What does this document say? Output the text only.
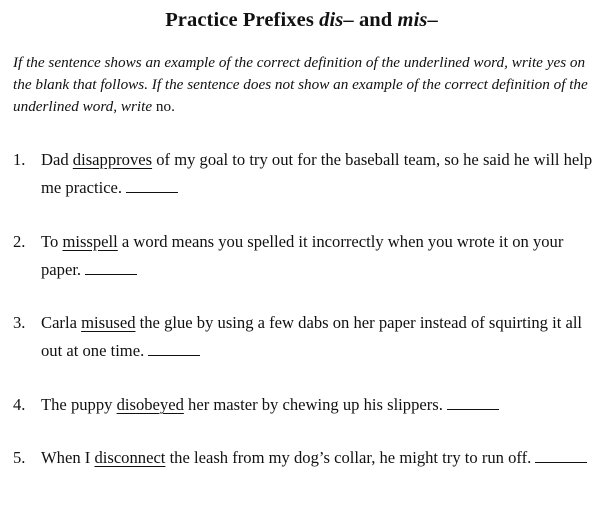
Practice Prefixes dis– and mis–
If the sentence shows an example of the correct definition of the underlined word, write yes on the blank that follows. If the sentence does not show an example of the correct definition of the underlined word, write no.
1. Dad disapproves of my goal to try out for the baseball team, so he said he will help me practice.
2. To misspell a word means you spelled it incorrectly when you wrote it on your paper.
3. Carla misused the glue by using a few dabs on her paper instead of squirting it all out at one time.
4. The puppy disobeyed her master by chewing up his slippers.
5. When I disconnect the leash from my dog’s collar, he might try to run off.
